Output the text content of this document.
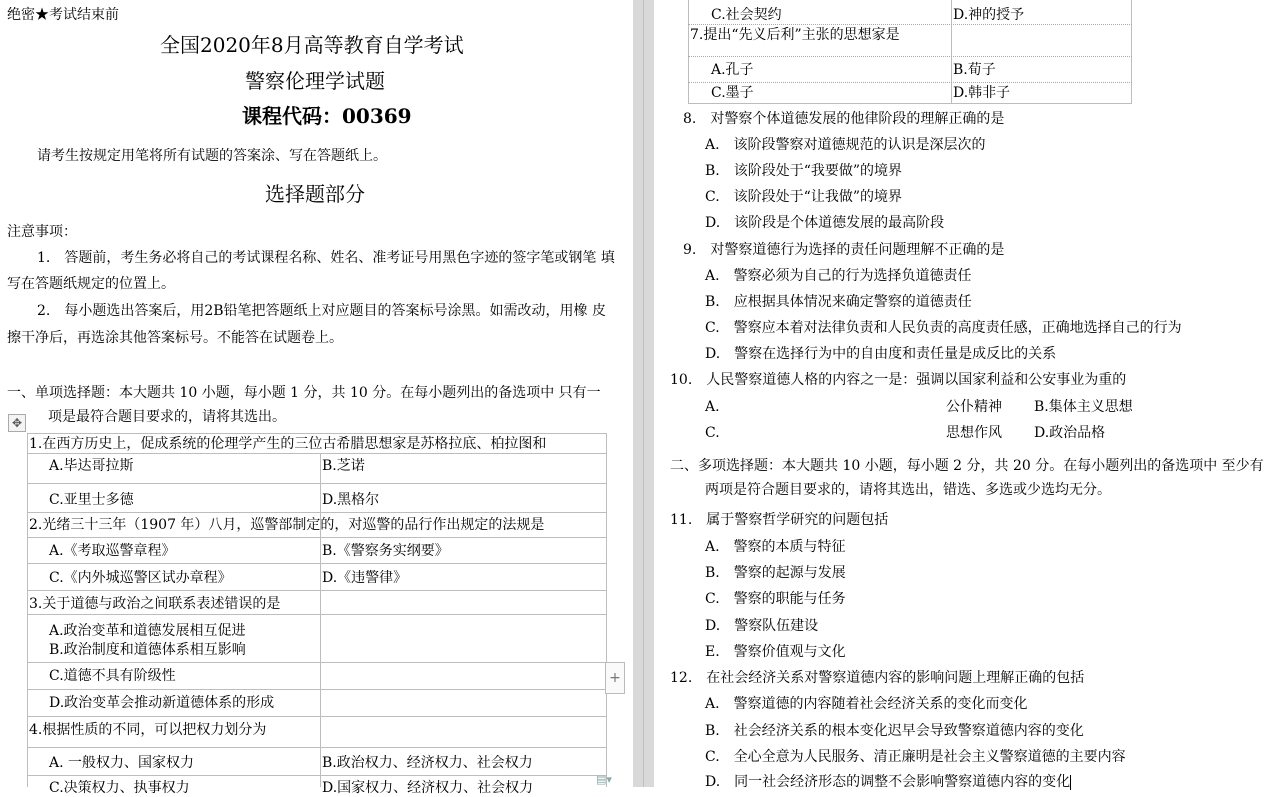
绝密★考试结束前
全国2020年8月高等教育自学考试
警察伦理学试题
课程代码：00369
请考生按规定用笔将所有试题的答案涂、写在答题纸上。
选择题部分
注意事项：
1.　答题前，考生务必将自己的考试课程名称、姓名、准考证号用黑色字迹的签字笔或钢笔 填
写在答题纸规定的位置上。
2.　每小题选出答案后，用2B铅笔把答题纸上对应题目的答案标号涂黑。如需改动，用橡 皮
擦干净后，再选涂其他答案标号。不能答在试题卷上。
一、单项选择题：本大题共 10 小题，每小题 1 分，共 10 分。在每小题列出的备选项中 只有一
项是最符合题目要求的，请将其选出。
✥
1.在西方历史上，促成系统的伦理学产生的三位古希腊思想家是苏格拉底、柏拉图和
A.毕达哥拉斯	B.芝诺
C.亚里士多德	D.黑格尔
2.光绪三十三年（1907 年）八月，巡警部制定的，对巡警的品行作出规定的法规是
A.《考取巡警章程》	B.《警察务实纲要》
C.《内外城巡警区试办章程》	D.《违警律》
3.关于道德与政治之间联系表述错误的是
A.政治变革和道德发展相互促进
B.政治制度和道德体系相互影响
C.道德不具有阶级性
D.政治变革会推动新道德体系的形成
4.根据性质的不同，可以把权力划分为
A. 一般权力、国家权力	B.政治权力、经济权力、社会权力
C.决策权力、执事权力	D.国家权力、经济权力、社会权力
+
▤▾
C.社会契约	D.神的授予
7.提出“先义后利”主张的思想家是
A.孔子	B.荀子
C.墨子	D.韩非子
8.　对警察个体道德发展的他律阶段的理解正确的是
A.　该阶段警察对道德规范的认识是深层次的
B.　该阶段处于“我要做”的境界
C.　该阶段处于“让我做”的境界
D.　该阶段是个体道德发展的最高阶段
9.　对警察道德行为选择的责任问题理解不正确的是
A.　警察必须为自己的行为选择负道德责任
B.　应根据具体情况来确定警察的道德责任
C.　警察应本着对法律负责和人民负责的高度责任感，正确地选择自己的行为
D.　警察在选择行为中的自由度和责任量是成反比的关系
10.　人民警察道德人格的内容之一是：强调以国家利益和公安事业为重的
A.	公仆精神 B.集体主义思想
C.	思想作风 D.政治品格
二、多项选择题：本大题共 10 小题，每小题 2 分，共 20 分。在每小题列出的备选项中 至少有
两项是符合题目要求的，请将其选出，错选、多选或少选均无分。
11.　属于警察哲学研究的问题包括
A.　警察的本质与特征
B.　警察的起源与发展
C.　警察的职能与任务
D.　警察队伍建设
E.　警察价值观与文化
12.　在社会经济关系对警察道德内容的影响问题上理解正确的包括
A.　警察道德的内容随着社会经济关系的变化而变化
B.　社会经济关系的根本变化迟早会导致警察道德内容的变化
C.　全心全意为人民服务、清正廉明是社会主义警察道德的主要内容
D.　同一社会经济形态的调整不会影响警察道德内容的变化
